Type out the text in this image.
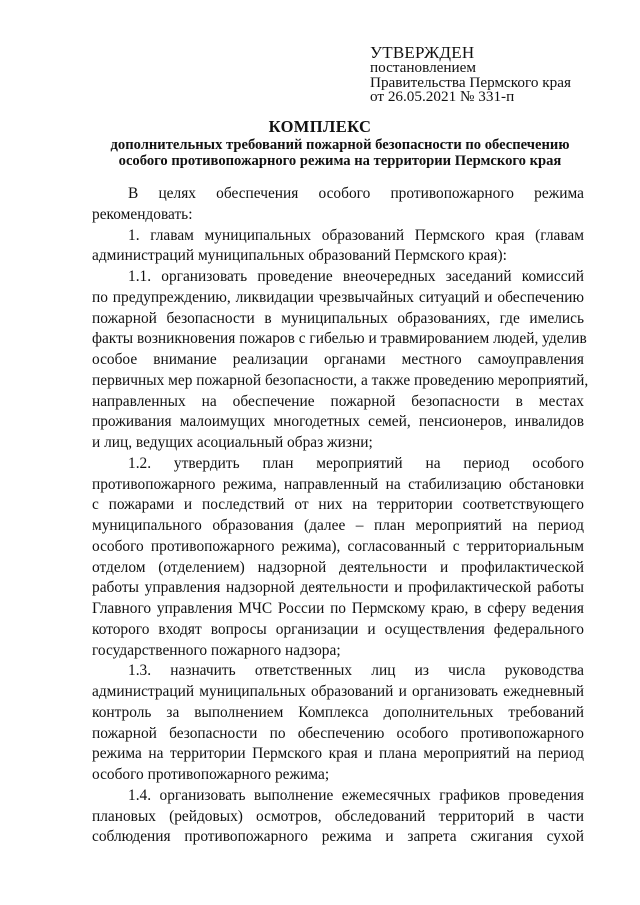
УТВЕРЖДЕН
постановлением
Правительства Пермского края
от 26.05.2021 № 331-п
КОМПЛЕКС
дополнительных требований пожарной безопасности по обеспечению
особого противопожарного режима на территории Пермского края
В целях обеспечения особого противопожарного режима
рекомендовать:
1. главам муниципальных образований Пермского края (главам
администраций муниципальных образований Пермского края):
1.1. организовать проведение внеочередных заседаний комиссий
по предупреждению, ликвидации чрезвычайных ситуаций и обеспечению
пожарной безопасности в муниципальных образованиях, где имелись
факты возникновения пожаров с гибелью и травмированием людей, уделив
особое внимание реализации органами местного самоуправления
первичных мер пожарной безопасности, а также проведению мероприятий,
направленных на обеспечение пожарной безопасности в местах
проживания малоимущих многодетных семей, пенсионеров, инвалидов
и лиц, ведущих асоциальный образ жизни;
1.2. утвердить план мероприятий на период особого
противопожарного режима, направленный на стабилизацию обстановки
с пожарами и последствий от них на территории соответствующего
муниципального образования (далее – план мероприятий на период
особого противопожарного режима), согласованный с территориальным
отделом (отделением) надзорной деятельности и профилактической
работы управления надзорной деятельности и профилактической работы
Главного управления МЧС России по Пермскому краю, в сферу ведения
которого входят вопросы организации и осуществления федерального
государственного пожарного надзора;
1.3. назначить ответственных лиц из числа руководства
администраций муниципальных образований и организовать ежедневный
контроль за выполнением Комплекса дополнительных требований
пожарной безопасности по обеспечению особого противопожарного
режима на территории Пермского края и плана мероприятий на период
особого противопожарного режима;
1.4. организовать выполнение ежемесячных графиков проведения
плановых (рейдовых) осмотров, обследований территорий в части
соблюдения противопожарного режима и запрета сжигания сухой
